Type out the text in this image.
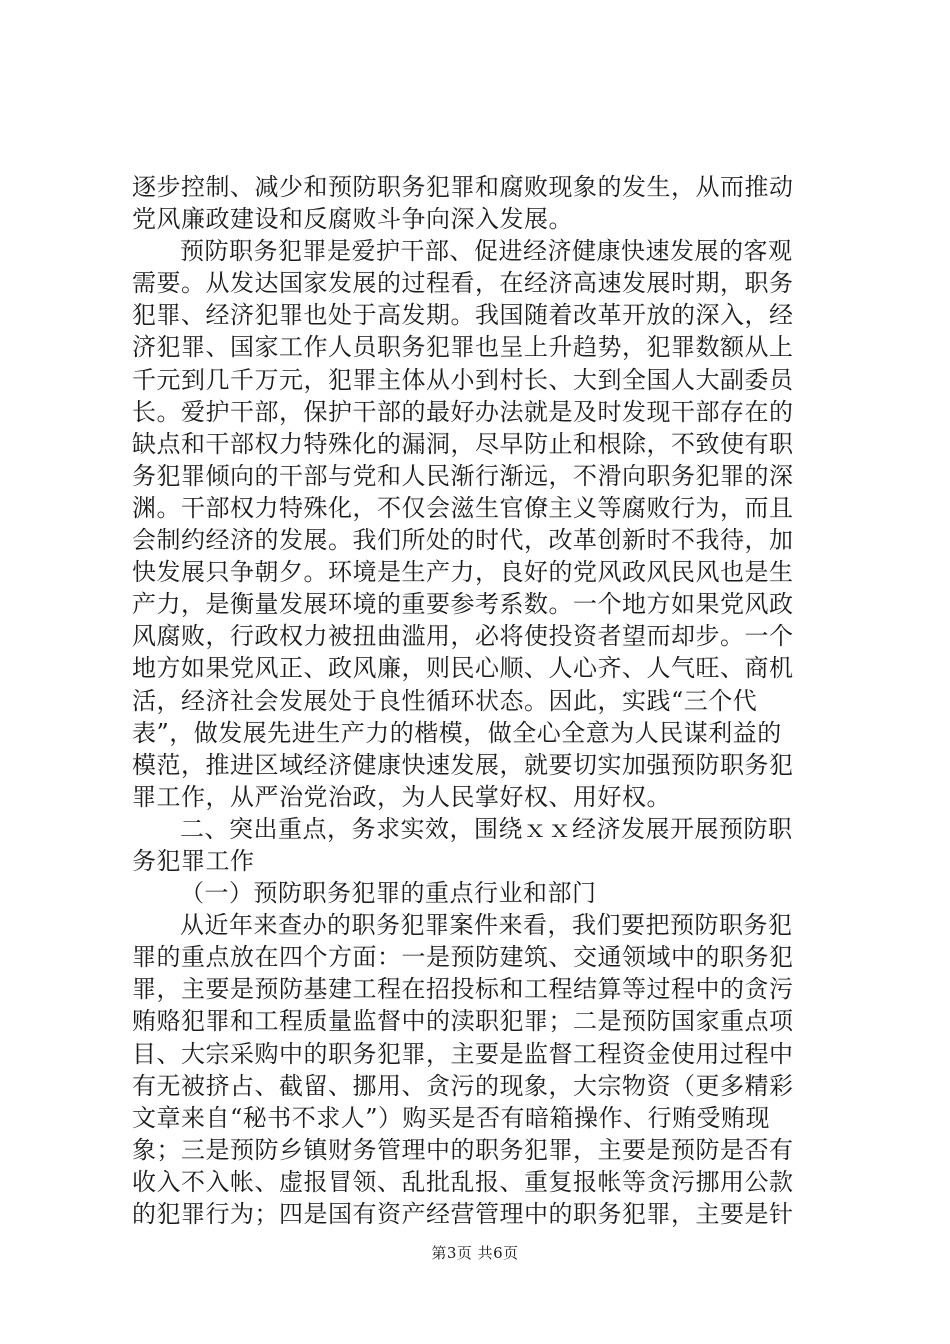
逐步控制、减少和预防职务犯罪和腐败现象的发生，从而推动
党风廉政建设和反腐败斗争向深入发展。
预防职务犯罪是爱护干部、促进经济健康快速发展的客观
需要。从发达国家发展的过程看，在经济高速发展时期，职务
犯罪、经济犯罪也处于高发期。我国随着改革开放的深入，经
济犯罪、国家工作人员职务犯罪也呈上升趋势，犯罪数额从上
千元到几千万元，犯罪主体从小到村长、大到全国人大副委员
长。爱护干部，保护干部的最好办法就是及时发现干部存在的
缺点和干部权力特殊化的漏洞，尽早防止和根除，不致使有职
务犯罪倾向的干部与党和人民渐行渐远，不滑向职务犯罪的深
渊。干部权力特殊化，不仅会滋生官僚主义等腐败行为，而且
会制约经济的发展。我们所处的时代，改革创新时不我待，加
快发展只争朝夕。环境是生产力，良好的党风政风民风也是生
产力，是衡量发展环境的重要参考系数。一个地方如果党风政
风腐败，行政权力被扭曲滥用，必将使投资者望而却步。一个
地方如果党风正、政风廉，则民心顺、人心齐、人气旺、商机
活，经济社会发展处于良性循环状态。因此，实践“三个代
表”，做发展先进生产力的楷模，做全心全意为人民谋利益的
模范，推进区域经济健康快速发展，就要切实加强预防职务犯
罪工作，从严治党治政，为人民掌好权、用好权。
二、突出重点，务求实效，围绕ｘｘ经济发展开展预防职
务犯罪工作
（一）预防职务犯罪的重点行业和部门
从近年来查办的职务犯罪案件来看，我们要把预防职务犯
罪的重点放在四个方面：一是预防建筑、交通领域中的职务犯
罪，主要是预防基建工程在招投标和工程结算等过程中的贪污
贿赂犯罪和工程质量监督中的渎职犯罪；二是预防国家重点项
目、大宗采购中的职务犯罪，主要是监督工程资金使用过程中
有无被挤占、截留、挪用、贪污的现象，大宗物资（更多精彩
文章来自“秘书不求人”）购买是否有暗箱操作、行贿受贿现
象；三是预防乡镇财务管理中的职务犯罪，主要是预防是否有
收入不入帐、虚报冒领、乱批乱报、重复报帐等贪污挪用公款
的犯罪行为；四是国有资产经营管理中的职务犯罪，主要是针
第3页 共6页
